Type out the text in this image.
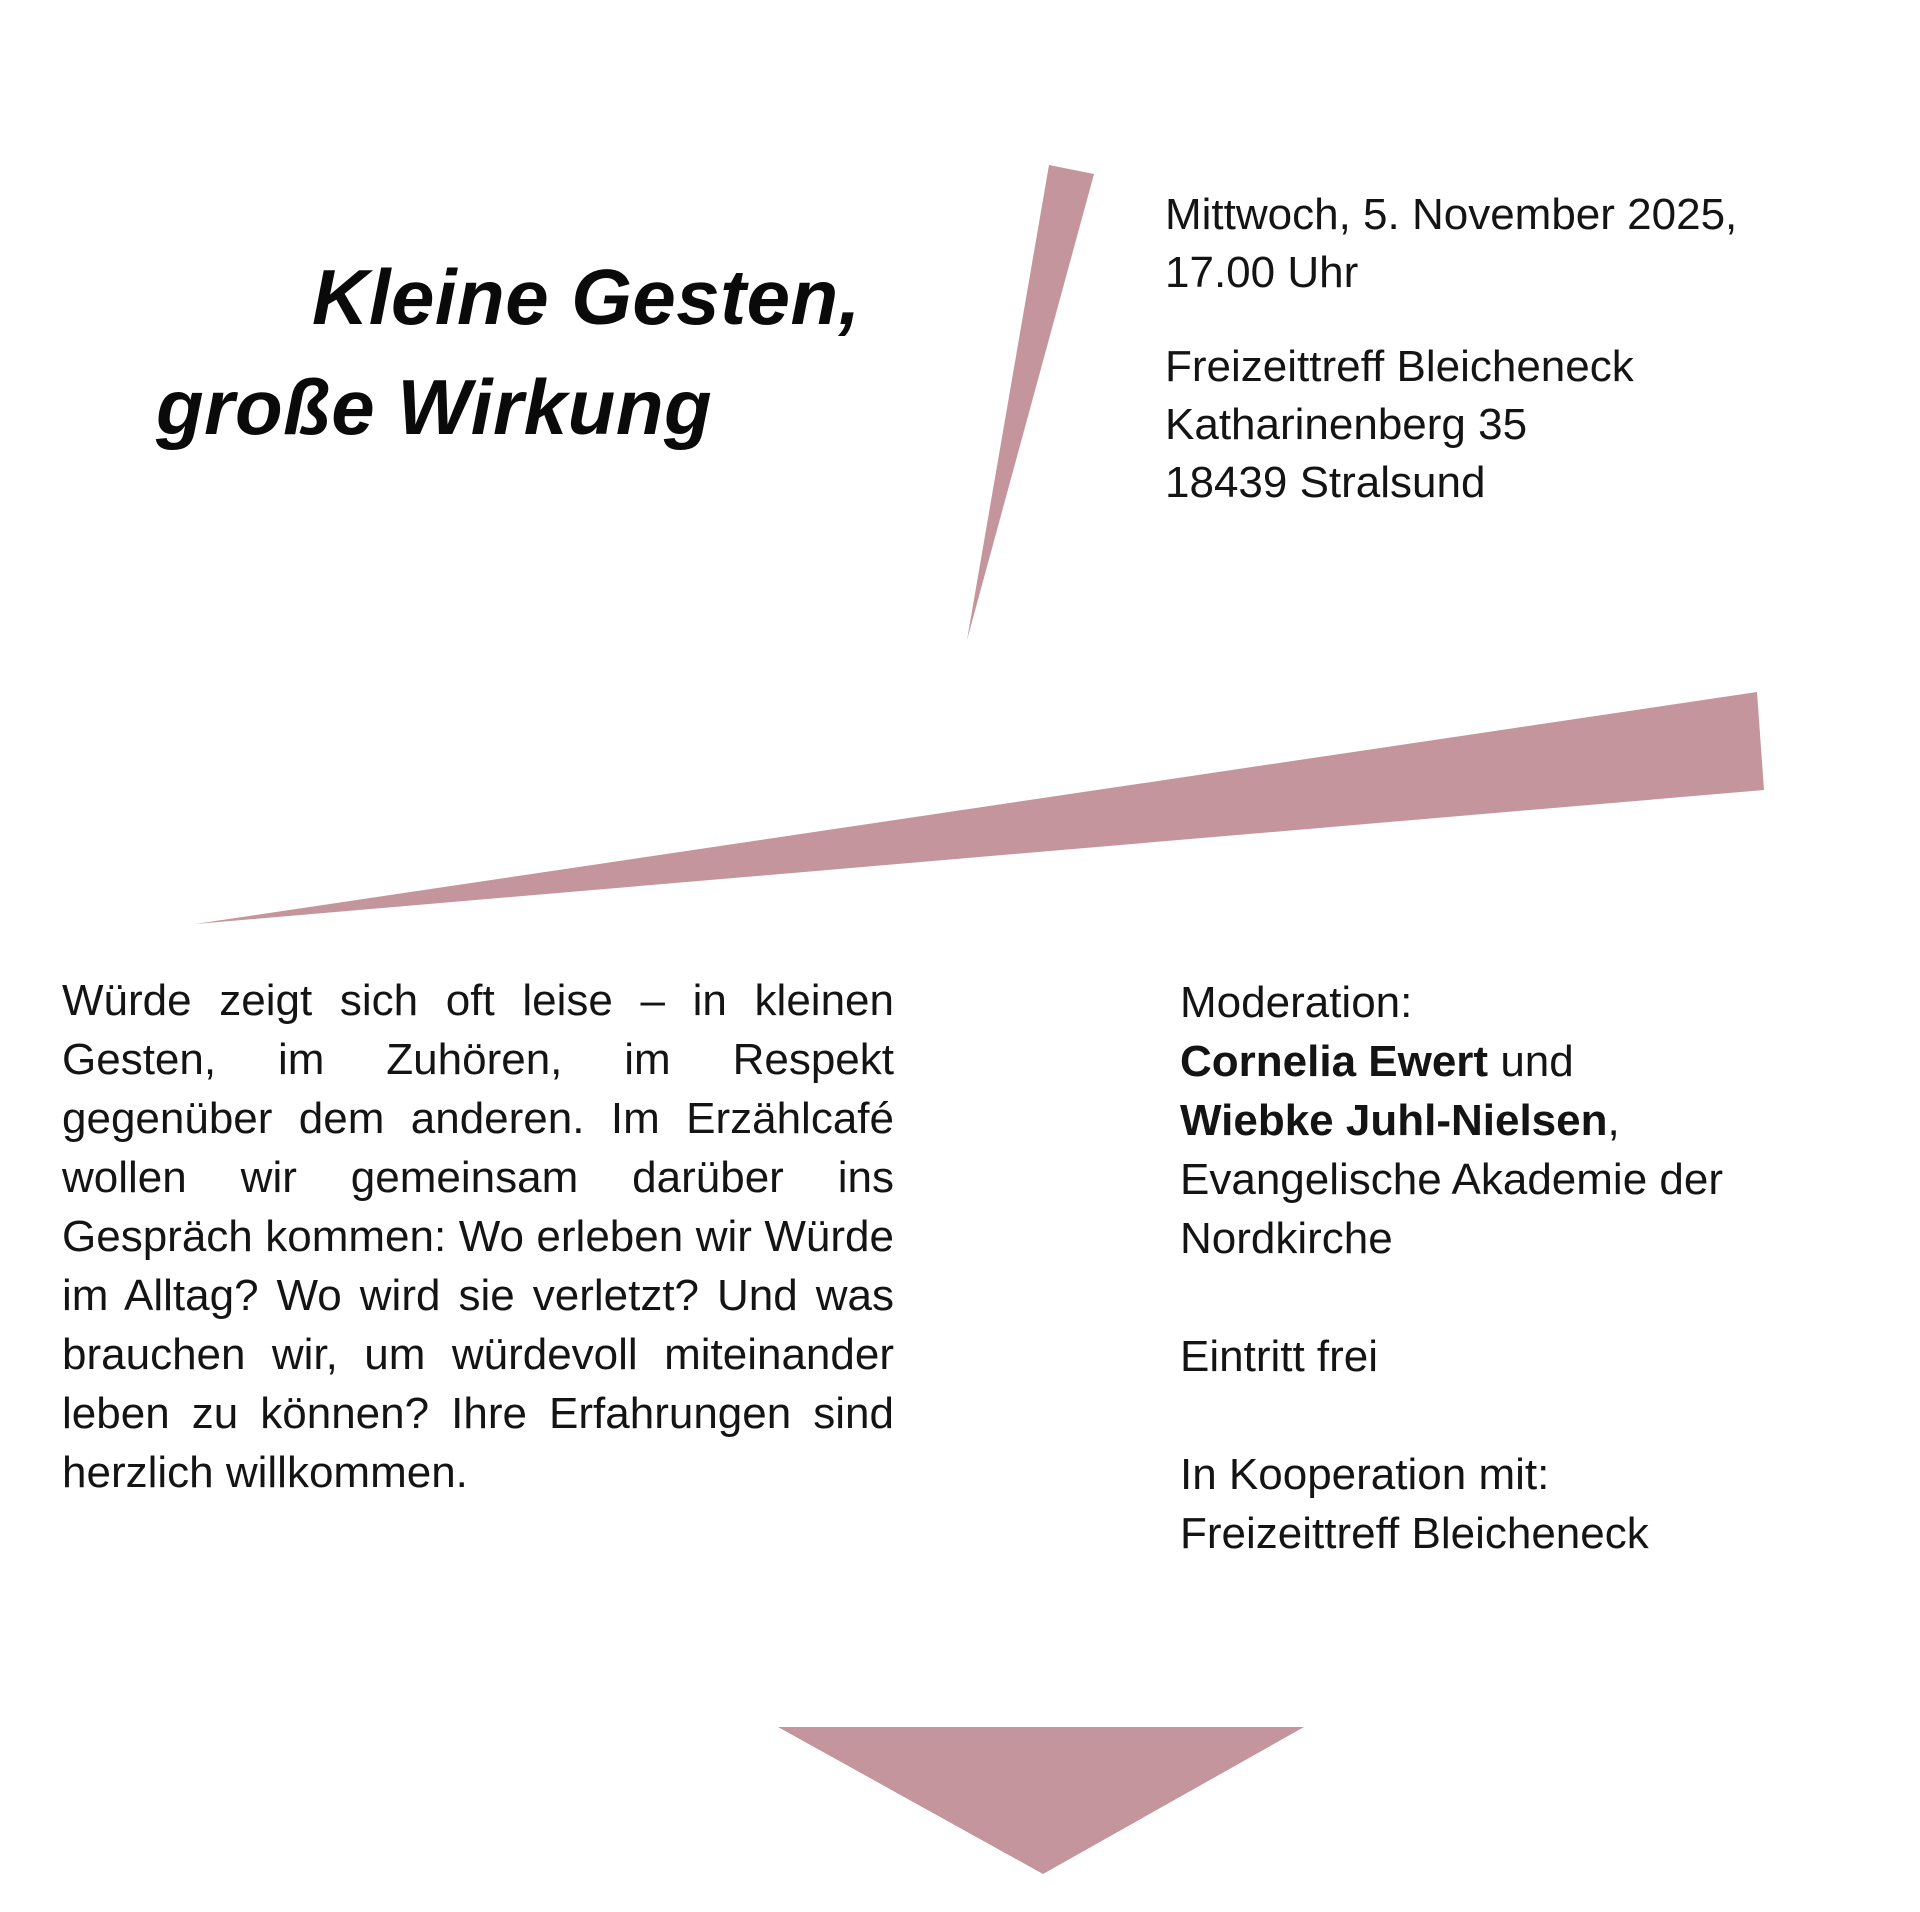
Kleine Gesten,
große Wirkung
Mittwoch, 5. November 2025,
17.00 Uhr
Freizeittreff Bleicheneck
Katharinenberg 35
18439 Stralsund
Würde zeigt sich oft leise – in kleinen Gesten, im Zuhören, im Respekt gegenüber dem anderen. Im Erzählcafé wollen wir gemeinsam darüber ins Gespräch kommen: Wo erleben wir Würde im Alltag? Wo wird sie verletzt? Und was brauchen wir, um würdevoll miteinander leben zu können? Ihre Erfahrungen sind herzlich willkommen.
Moderation:
Cornelia Ewert und
Wiebke Juhl-Nielsen,
Evangelische Akademie der
Nordkirche
Eintritt frei
In Kooperation mit:
Freizeittreff Bleicheneck
